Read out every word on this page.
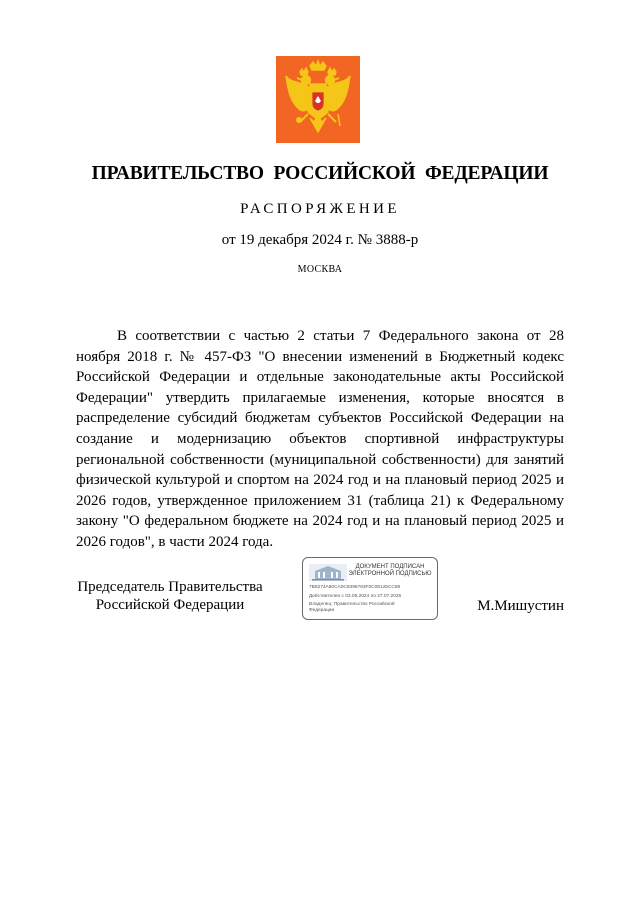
ПРАВИТЕЛЬСТВО РОССИЙСКОЙ ФЕДЕРАЦИИ
РАСПОРЯЖЕНИЕ
от 19 декабря 2024 г. № 3888-р
МОСКВА
В соответствии с частью 2 статьи 7 Федерального закона от 28 ноября 2018 г. № 457-ФЗ "О внесении изменений в Бюджетный кодекс Российской Федерации и отдельные законодательные акты Российской Федерации" утвердить прилагаемые изменения, которые вносятся в распределение субсидий бюджетам субъектов Российской Федерации на создание и модернизацию объектов спортивной инфраструктуры региональной собственности (муниципальной собственности) для занятий физической культурой и спортом на 2024 год и на плановый период 2025 и 2026 годов, утвержденное приложением 31 (таблица 21) к Федеральному закону "О федеральном бюджете на 2024 год и на плановый период 2025 и 2026 годов", в части 2024 года.
Председатель Правительства
Российской Федерации
ДОКУМЕНТ ПОДПИСАН
ЭЛЕКТРОННОЙ ПОДПИСЬЮ
7B8274A60CA0C8396783F0C08125CC86
Действителен с 03.05.2024 по 27.07.2025
Владелец: Правительство Российской
Федерации	М.Мишустин
